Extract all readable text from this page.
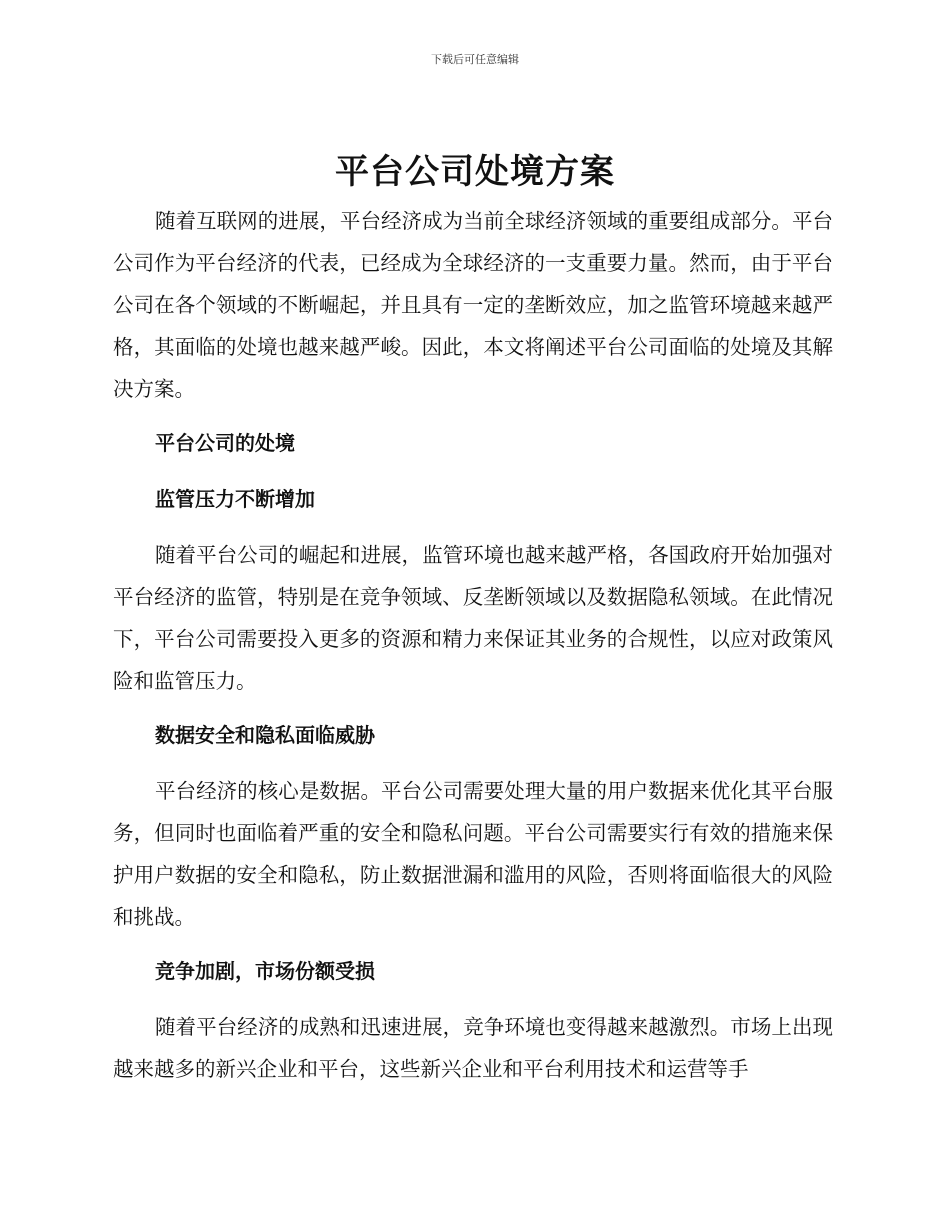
下载后可任意编辑
平台公司处境方案

随着互联网的进展，平台经济成为当前全球经济领域的重要组成部分。平台公司作为平台经济的代表，已经成为全球经济的一支重要力量。然而，由于平台公司在各个领域的不断崛起，并且具有一定的垄断效应，加之监管环境越来越严格，其面临的处境也越来越严峻。因此，本文将阐述平台公司面临的处境及其解决方案。

平台公司的处境

监管压力不断增加

随着平台公司的崛起和进展，监管环境也越来越严格，各国政府开始加强对平台经济的监管，特别是在竞争领域、反垄断领域以及数据隐私领域。在此情况下，平台公司需要投入更多的资源和精力来保证其业务的合规性，以应对政策风险和监管压力。

数据安全和隐私面临威胁

平台经济的核心是数据。平台公司需要处理大量的用户数据来优化其平台服务，但同时也面临着严重的安全和隐私问题。平台公司需要实行有效的措施来保护用户数据的安全和隐私，防止数据泄漏和滥用的风险，否则将面临很大的风险和挑战。

竞争加剧，市场份额受损

随着平台经济的成熟和迅速进展，竞争环境也变得越来越激烈。市场上出现越来越多的新兴企业和平台，这些新兴企业和平台利用技术和运营等手
